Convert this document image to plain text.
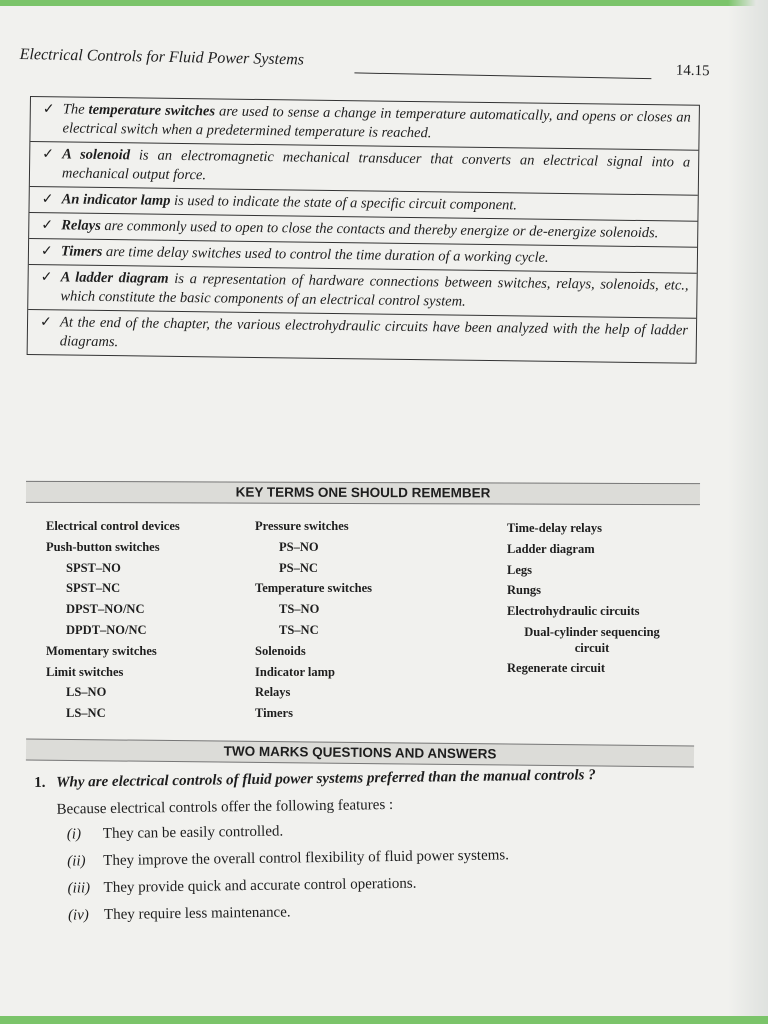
Electrical Controls for Fluid Power Systems
14.15
✓ The temperature switches are used to sense a change in temperature automatically, and opens or closes an electrical switch when a predetermined temperature is reached.
✓ A solenoid is an electromagnetic mechanical transducer that converts an electrical signal into a mechanical output force.
✓ An indicator lamp is used to indicate the state of a specific circuit component.
✓ Relays are commonly used to open to close the contacts and thereby energize or de-energize solenoids.
✓ Timers are time delay switches used to control the time duration of a working cycle.
✓ A ladder diagram is a representation of hardware connections between switches, relays, solenoids, etc., which constitute the basic components of an electrical control system.
✓ At the end of the chapter, the various electrohydraulic circuits have been analyzed with the help of ladder diagrams.
KEY TERMS ONE SHOULD REMEMBER
Electrical control devices
Push-button switches
SPST–NO
SPST–NC
DPST–NO/NC
DPDT–NO/NC
Momentary switches
Limit switches
LS–NO
LS–NC
Pressure switches
PS–NO
PS–NC
Temperature switches
TS–NO
TS–NC
Solenoids
Indicator lamp
Relays
Timers
Time-delay relays
Ladder diagram
Legs
Rungs
Electrohydraulic circuits
Dual-cylinder sequencing circuit
Regenerate circuit
TWO MARKS QUESTIONS AND ANSWERS
1. Why are electrical controls of fluid power systems preferred than the manual controls ?
Because electrical controls offer the following features :
(i) They can be easily controlled.
(ii) They improve the overall control flexibility of fluid power systems.
(iii) They provide quick and accurate control operations.
(iv) They require less maintenance.
